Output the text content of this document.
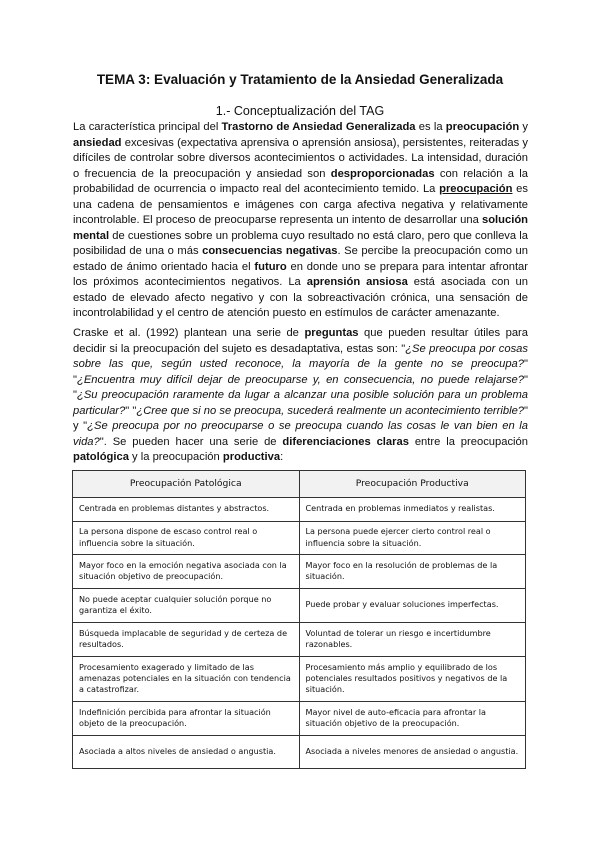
TEMA 3: Evaluación y Tratamiento de la Ansiedad Generalizada
1.- Conceptualización del TAG

La característica principal del Trastorno de Ansiedad Generalizada es la preocupación y ansiedad excesivas (expectativa aprensiva o aprensión ansiosa), persistentes, reiteradas y difíciles de controlar sobre diversos acontecimientos o actividades. La intensidad, duración o frecuencia de la preocupación y ansiedad son desproporcionadas con relación a la probabilidad de ocurrencia o impacto real del acontecimiento temido. La preocupación es una cadena de pensamientos e imágenes con carga afectiva negativa y relativamente incontrolable. El proceso de preocuparse representa un intento de desarrollar una solución mental de cuestiones sobre un problema cuyo resultado no está claro, pero que conlleva la posibilidad de una o más consecuencias negativas. Se percibe la preocupación como un estado de ánimo orientado hacia el futuro en donde uno se prepara para intentar afrontar los próximos acontecimientos negativos. La aprensión ansiosa está asociada con un estado de elevado afecto negativo y con la sobreactivación crónica, una sensación de incontrolabilidad y el centro de atención puesto en estímulos de carácter amenazante.

Craske et al. (1992) plantean una serie de preguntas que pueden resultar útiles para decidir si la preocupación del sujeto es desadaptativa, estas son: "¿Se preocupa por cosas sobre las que, según usted reconoce, la mayoría de la gente no se preocupa?" "¿Encuentra muy difícil dejar de preocuparse y, en consecuencia, no puede relajarse?" "¿Su preocupación raramente da lugar a alcanzar una posible solución para un problema particular?" "¿Cree que si no se preocupa, sucederá realmente un acontecimiento terrible?" y "¿Se preocupa por no preocuparse o se preocupa cuando las cosas le van bien en la vida?". Se pueden hacer una serie de diferenciaciones claras entre la preocupación patológica y la preocupación productiva:

Preocupación Patológica	Preocupación Productiva
Centrada en problemas distantes y abstractos.	Centrada en problemas inmediatos y realistas.
La persona dispone de escaso control real o influencia sobre la situación.	La persona puede ejercer cierto control real o influencia sobre la situación.
Mayor foco en la emoción negativa asociada con la situación objetivo de preocupación.	Mayor foco en la resolución de problemas de la situación.
No puede aceptar cualquier solución porque no garantiza el éxito.	Puede probar y evaluar soluciones imperfectas.
Búsqueda implacable de seguridad y de certeza de resultados.	Voluntad de tolerar un riesgo e incertidumbre razonables.
Procesamiento exagerado y limitado de las amenazas potenciales en la situación con tendencia a catastrofizar.	Procesamiento más amplio y equilibrado de los potenciales resultados positivos y negativos de la situación.
Indefinición percibida para afrontar la situación objeto de la preocupación.	Mayor nivel de auto-eficacia para afrontar la situación objetivo de la preocupación.
Asociada a altos niveles de ansiedad o angustia.	Asociada a niveles menores de ansiedad o angustia.
